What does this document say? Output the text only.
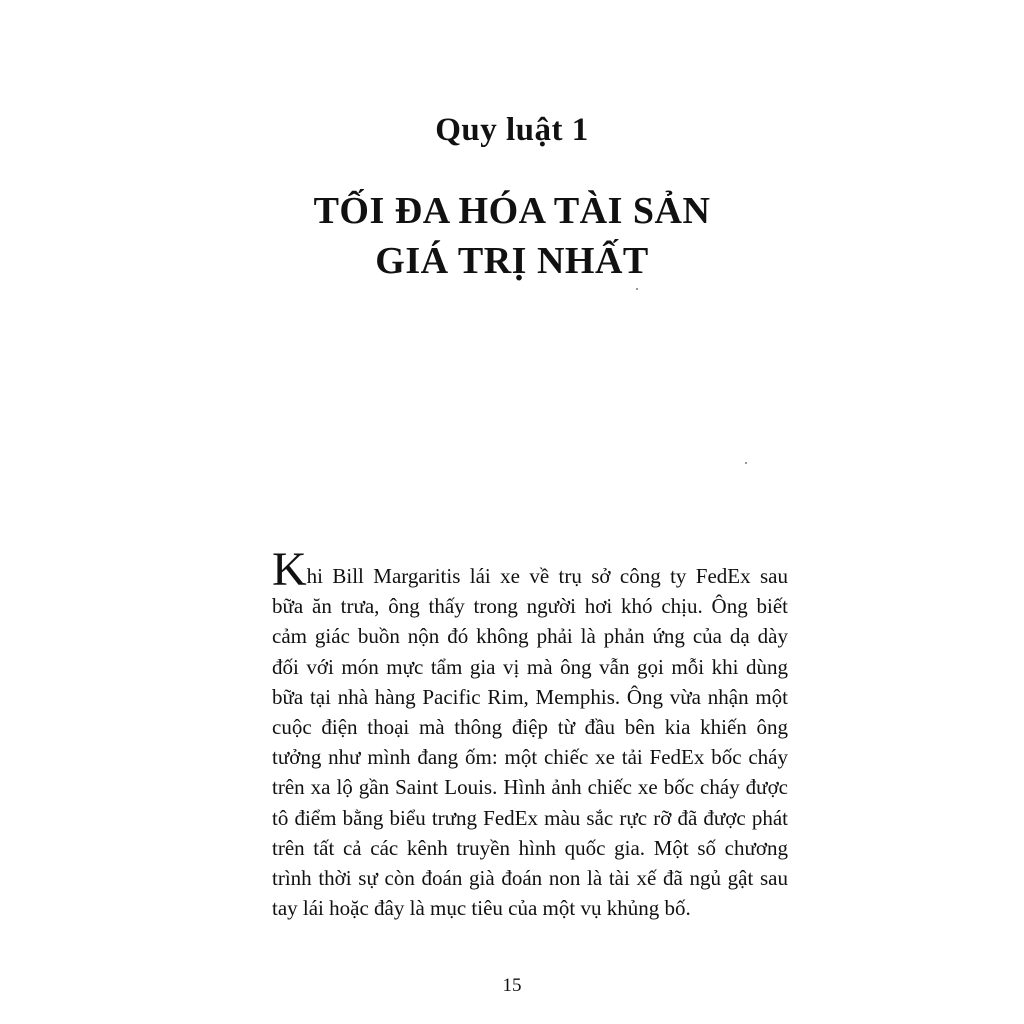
Quy luật 1
TỐI ĐA HÓA TÀI SẢN
GIÁ TRỊ NHẤT
Khi Bill Margaritis lái xe về trụ sở công ty FedEx sau
bữa ăn trưa, ông thấy trong người hơi khó chịu. Ông biết
cảm giác buồn nộn đó không phải là phản ứng của dạ dày
đối với món mực tẩm gia vị mà ông vẫn gọi mỗi khi dùng
bữa tại nhà hàng Pacific Rim, Memphis. Ông vừa nhận một
cuộc điện thoại mà thông điệp từ đầu bên kia khiến ông
tưởng như mình đang ốm: một chiếc xe tải FedEx bốc cháy
trên xa lộ gần Saint Louis. Hình ảnh chiếc xe bốc cháy được
tô điểm bằng biểu trưng FedEx màu sắc rực rỡ đã được phát
trên tất cả các kênh truyền hình quốc gia. Một số chương
trình thời sự còn đoán già đoán non là tài xế đã ngủ gật sau
tay lái hoặc đây là mục tiêu của một vụ khủng bố.
15
